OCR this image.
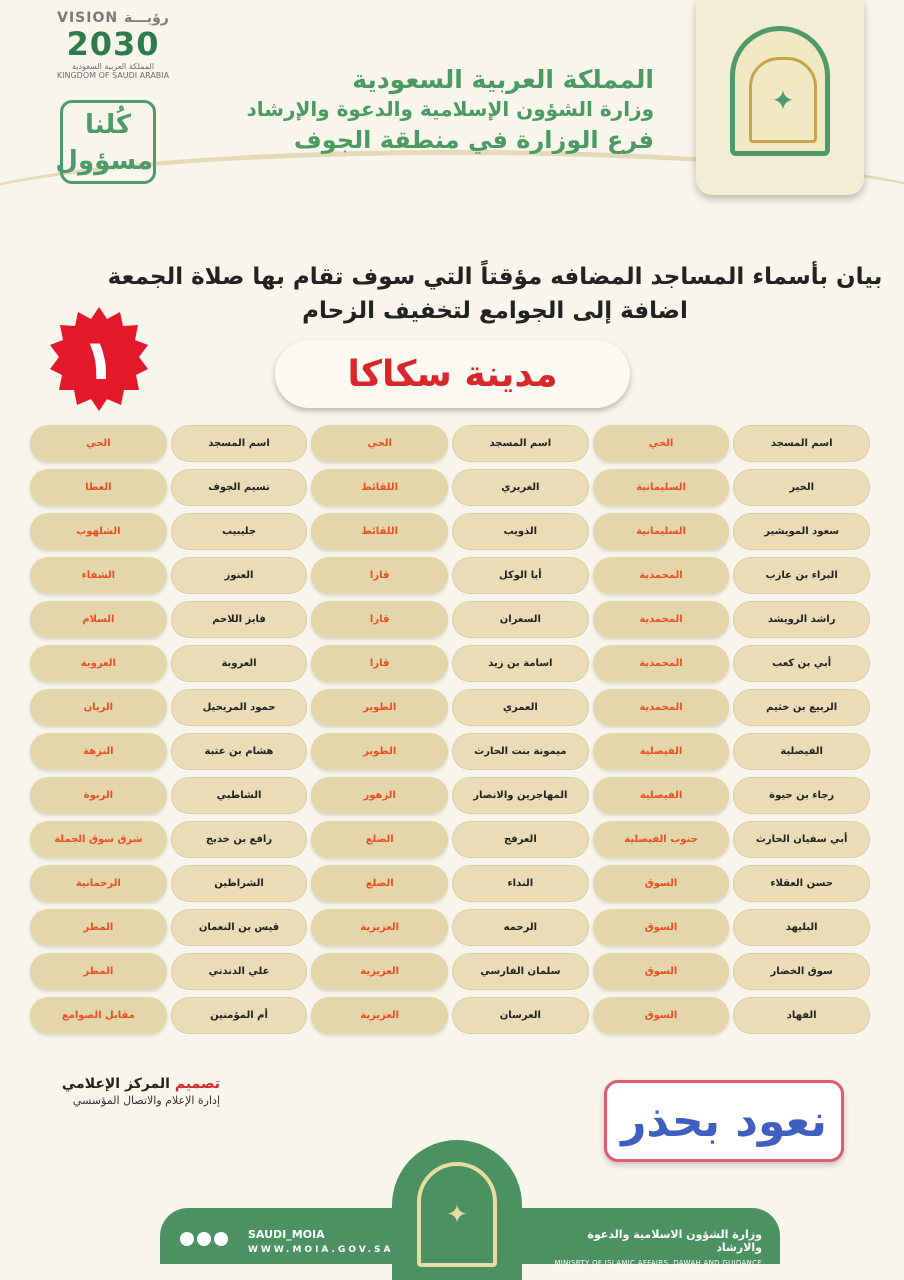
VISION رؤيـــة
2030
المملكة العربية السعودية
KINGDOM OF SAUDI ARABIA
كُلنا
مسؤول
المملكة العربية السعودية
وزارة الشؤون الإسلامية والدعوة والإرشاد
فرع الوزارة في منطقة الجوف
✦
بيان بأسماء المساجد المضافه مؤقتاً التي سوف تقام بها صلاة الجمعة
اضافة إلى الجوامع لتخفيف الزحام
١	مدينة سكاكا
اسم المسجد
الحي
اسم المسجد
الحي
اسم المسجد
الحي
الخير
السليمانية
الغريري
اللقائط
نسيم الجوف
العطا
سعود المويشير
السليمانية
الذويب
اللقائط
جليبيب
الشلهوب
البراء بن عازب
المحمدية
أبا الوكل
قارا
العنوز
الشفاء
راشد الرويشد
المحمدية
السعران
قارا
فايز اللاحم
السلام
أبي بن كعب
المحمدية
اسامة بن زيد
قارا
العروبة
العروبة
الربيع بن خثيم
المحمدية
العمري
الطوير
حمود المريحيل
الريان
الفيصلية
الفيصلية
ميمونة بنت الحارث
الطوير
هشام بن عتبة
النزهة
رجاء بن حيوة
الفيصلية
المهاجرين والانصار
الزهور
الشاطبي
الربوة
أبي سفيان الحارث
جنوب الفيصلية
العرفج
الضلع
رافع بن خديج
شرق سوق الجملة
حسن العقلاء
السوق
النداء
الضلع
الشراطين
الرحمانية
البليهد
السوق
الرحمه
العزيزية
قيس بن النعمان
المطر
سوق الخضار
السوق
سلمان الفارسي
العزيزية
علي الدندني
المطر
الفهاد
السوق
العرسان
العزيزية
أم المؤمنين
مقابل الصوامع
تصميم المركز الإعلامي
إدارة الإعلام والاتصال المؤسسي	نعود بحذر
✦
SAUDI_MOIA
WWW.MOIA.GOV.SA
وزارة الشؤون الاسلامية والدعوة والارشاد
MINISRTY OF ISLAMIC AFFAIRS, DAWAH AND GUIDANCE
